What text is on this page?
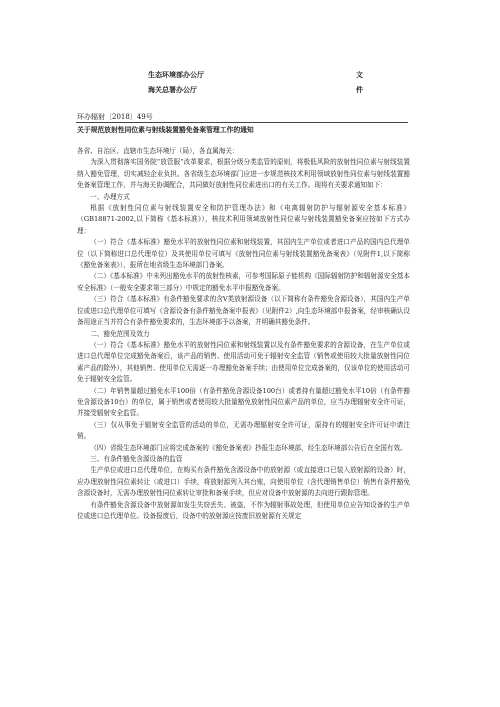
生态环境部办公厅	文
海关总署办公厅	件
环办辐射〔2018〕49号
关于规范放射性同位素与射线装置豁免备案管理工作的通知

各省、自治区、直辖市生态环境厅（局），各直属海关：

为深入贯彻落实国务院“放管服”改革要求，根据分级分类监管的原则，将极低风险的放射性同位素与射线装置纳入豁免管理，切实减轻企业负担。各省级生态环境部门应进一步规范核技术利用领域放射性同位素与射线装置豁免备案管理工作，并与海关协调配合，共同做好放射性同位素进出口的有关工作。现将有关要求通知如下：

一、办理方式

根据《放射性同位素与射线装置安全和防护管理办法》和《电离辐射防护与辐射源安全基本标准》（GB18871-2002,以下简称《基本标准》），核技术利用领域放射性同位素与射线装置豁免备案应按如下方式办理：

（一）符合《基本标准》豁免水平的放射性同位素和射线装置，其国内生产单位或者进口产品的国内总代理单位（以下简称进口总代理单位）及其使用单位可填写《放射性同位素与射线装置豁免备案表》（见附件1,以下简称《豁免备案表》），报所在地省级生态环境部门备案。

（二）《基本标准》中未列出豁免水平的放射性核素，可参考国际原子能机构《国际辐射防护和辐射源安全基本安全标准》（一般安全要求第三部分）中规定的豁免水平申报豁免备案。

（三）符合《基本标准》有条件豁免要求的含V类放射源设备（以下简称有条件豁免含源设备），其国内生产单位或进口总代理单位可填写《含源设备有条件豁免备案申报表》（见附件2）,向生态环境部申报备案，经审核确认设备用途正当并符合有条件豁免要求的，生态环境部予以备案，并明确其豁免条件。

二、豁免范围及效力

（一）符合《基本标准》豁免水平的放射性同位素和射线装置以及有条件豁免要求的含源设备，在生产单位或进口总代理单位完成豁免备案后，该产品的销售、使用活动可免于辐射安全监管（销售或使用较大批量放射性同位素产品的除外），其他销售、使用单位无需逐一办理豁免备案手续；由使用单位完成备案的，仅该单位的使用活动可免于辐射安全监管。

（二）年销售量超过豁免水平100倍（有条件豁免含源设备100台）或者持有量超过豁免水平10倍（有条件豁免含源设备10台）的单位，属于销售或者使用较大批量豁免放射性同位素产品的单位，应当办理辐射安全许可证，并接受辐射安全监管。

（三）仅从事免于辐射安全监管的活动的单位，无需办理辐射安全许可证，原持有的辐射安全许可证申请注销。

（四）省级生态环境部门应将完成备案的《豁免备案表》抄报生态环境部，经生态环境部公告后在全国有效。

三、有条件豁免含源设备的监管

生产单位或进口总代理单位，在购买有条件豁免含源设备中的放射源（或直接进口已装入放射源的设备）时，应办理放射性同位素转让（或进口）手续，将放射源列入其台账，向使用单位（含代理销售单位）销售有条件豁免含源设备时，无需办理放射性同位素转让审批和备案手续，但应对设备中放射源的去向进行跟踪管理。

有条件豁免含源设备中放射源如发生失窃丢失、被盗，不作为辐射事故处理，但使用单位应告知设备的生产单位或进口总代理单位。设备报废后，设备中的放射源应按废旧放射源有关规定
